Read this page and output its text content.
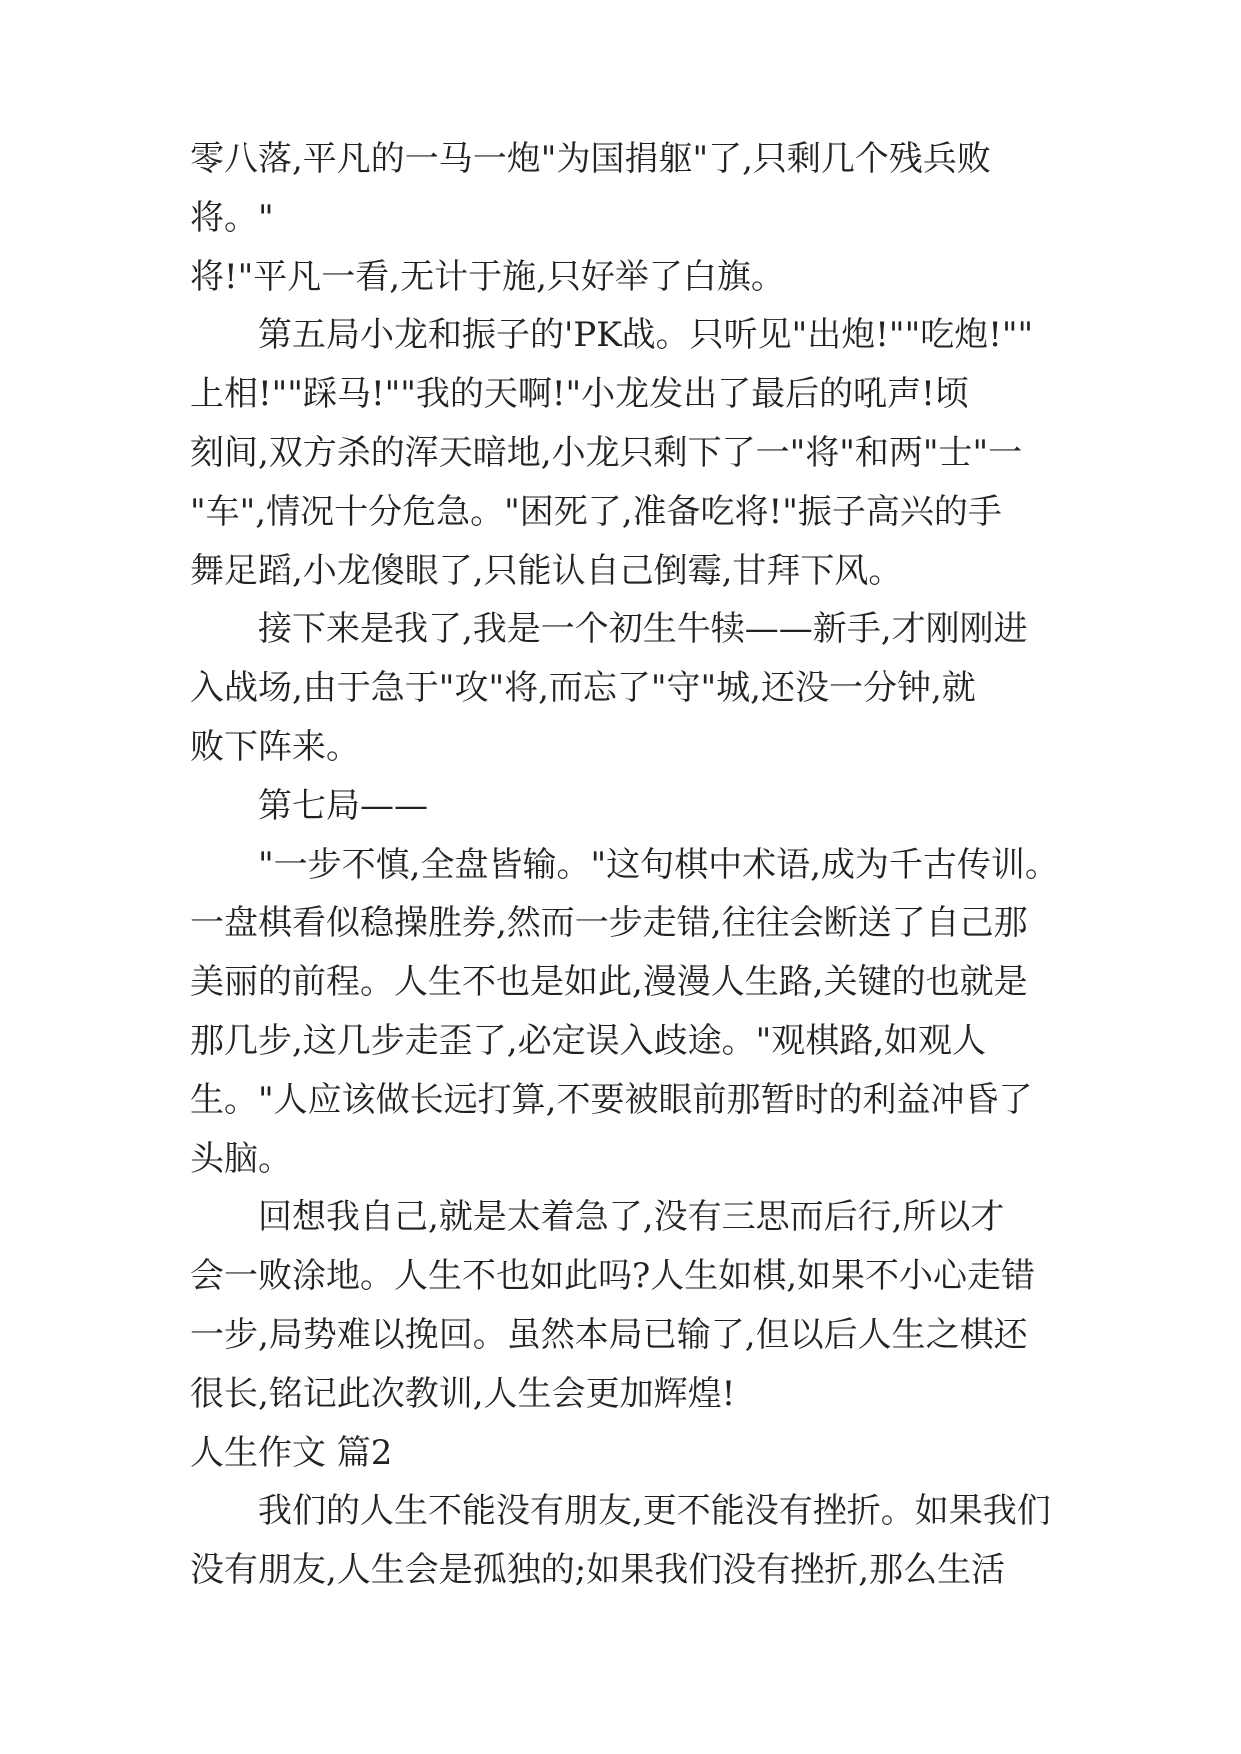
零八落,平凡的一马一炮"为国捐躯"了,只剩几个残兵败将。"
将!"平凡一看,无计于施,只好举了白旗。
　　第五局小龙和振子的'PK战。只听见"出炮!""吃炮!""
上相!""踩马!""我的天啊!"小龙发出了最后的吼声!顷
刻间,双方杀的浑天暗地,小龙只剩下了一"将"和两"士"一
"车",情况十分危急。"困死了,准备吃将!"振子高兴的手
舞足蹈,小龙傻眼了,只能认自己倒霉,甘拜下风。
　　接下来是我了,我是一个初生牛犊——新手,才刚刚进
入战场,由于急于"攻"将,而忘了"守"城,还没一分钟,就
败下阵来。
　　第七局——
　　"一步不慎,全盘皆输。"这句棋中术语,成为千古传训。
一盘棋看似稳操胜券,然而一步走错,往往会断送了自己那
美丽的前程。人生不也是如此,漫漫人生路,关键的也就是
那几步,这几步走歪了,必定误入歧途。"观棋路,如观人
生。"人应该做长远打算,不要被眼前那暂时的利益冲昏了
头脑。
　　回想我自己,就是太着急了,没有三思而后行,所以才
会一败涂地。人生不也如此吗?人生如棋,如果不小心走错
一步,局势难以挽回。虽然本局已输了,但以后人生之棋还
很长,铭记此次教训,人生会更加辉煌!
人生作文 篇2
　　我们的人生不能没有朋友,更不能没有挫折。如果我们
没有朋友,人生会是孤独的;如果我们没有挫折,那么生活
